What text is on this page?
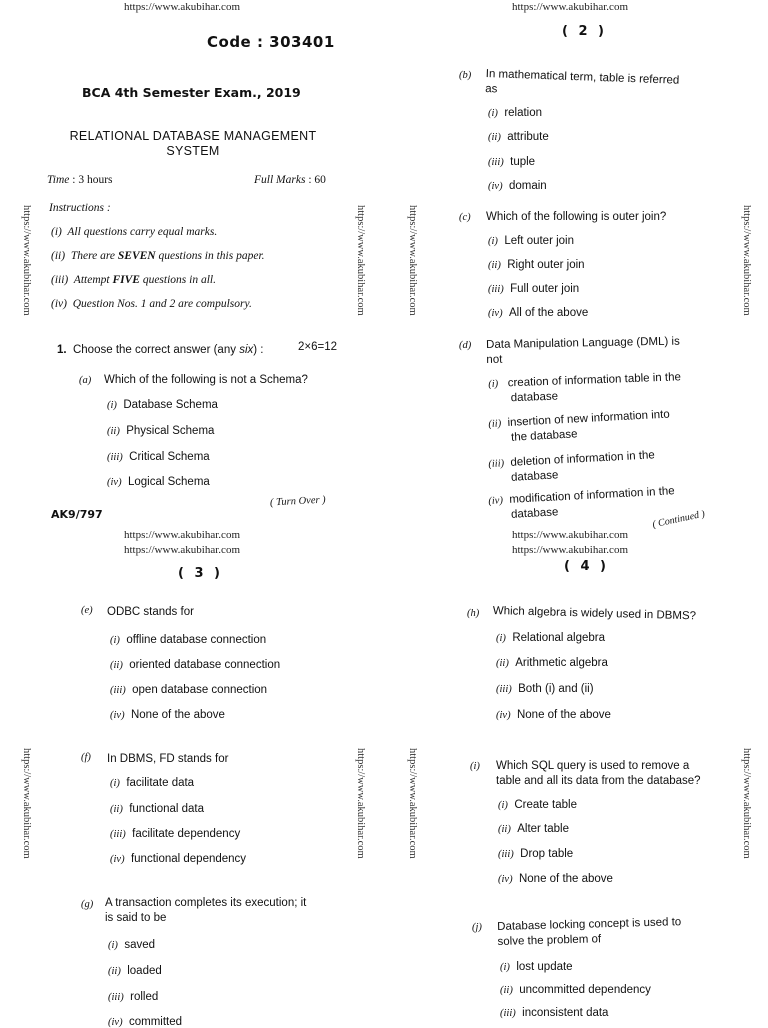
https://www.akubihar.com	https://www.akubihar.com
Code : 303401
BCA 4th Semester Exam., 2019
RELATIONAL DATABASE MANAGEMENT
SYSTEM
Time : 3 hours	Full Marks : 60
Instructions :
(i) All questions carry equal marks.
(ii) There are SEVEN questions in this paper.
(iii) Attempt FIVE questions in all.
(iv) Question Nos. 1 and 2 are compulsory.
1. Choose the correct answer (any six) :	2×6=12
(a) Which of the following is not a Schema?
(i) Database Schema
(ii) Physical Schema
(iii) Critical Schema
(iv) Logical Schema
( Turn Over )
AK9/797
https://www.akubihar.com	https://www.akubihar.com	https://www.akubihar.com	https://www.akubihar.com
( 2 )
(b) In mathematical term, table is referred
as
(i) relation
(ii) attribute
(iii) tuple
(iv) domain
(c) Which of the following is outer join?
(i) Left outer join
(ii) Right outer join
(iii) Full outer join
(iv) All of the above
(d) Data Manipulation Language (DML) is
not
(i) creation of information table in the
database
(ii) insertion of new information into
the database
(iii) deletion of information in the
database
(iv) modification of information in the
database	( Continued )
https://www.akubihar.com
https://www.akubihar.com
https://www.akubihar.com
https://www.akubihar.com
( 3 )
(e) ODBC stands for
(i) offline database connection
(ii) oriented database connection
(iii) open database connection
(iv) None of the above
(f) In DBMS, FD stands for
(i) facilitate data
(ii) functional data
(iii) facilitate dependency
(iv) functional dependency
(g) A transaction completes its execution; it
is said to be
(i) saved
(ii) loaded
(iii) rolled
(iv) committed
https://www.akubihar.com	https://www.akubihar.com	https://www.akubihar.com	https://www.akubihar.com
( 4 )
(h) Which algebra is widely used in DBMS?
(i) Relational algebra
(ii) Arithmetic algebra
(iii) Both (i) and (ii)
(iv) None of the above
(i) Which SQL query is used to remove a
table and all its data from the database?
(i) Create table
(ii) Alter table
(iii) Drop table
(iv) None of the above
(j) Database locking concept is used to
solve the problem of
(i) lost update
(ii) uncommitted dependency
(iii) inconsistent data
